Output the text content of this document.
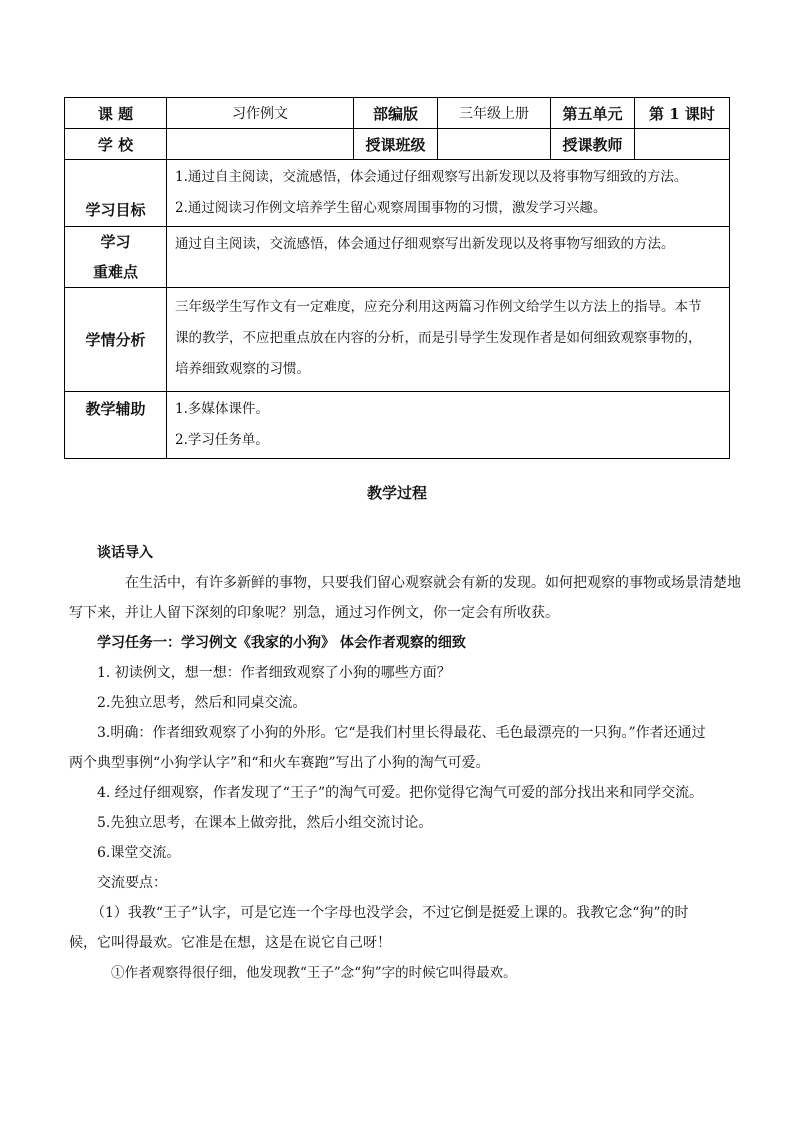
课 题	习作例文	部编版	三年级上册	第五单元	第 1 课时
学 校		授课班级		授课教师	
学习目标	1.通过自主阅读，交流感悟，体会通过仔细观察写出新发现以及将事物写细致的方法。
2.通过阅读习作例文培养学生留心观察周围事物的习惯，激发学习兴趣。				

学习
重难点	通过自主阅读，交流感悟，体会通过仔细观察写出新发现以及将事物写细致的方法。				

学情分析	三年级学生写作文有一定难度，应充分利用这两篇习作例文给学生以方法上的指导。本节
课的教学，不应把重点放在内容的分析，而是引导学生发现作者是如何细致观察事物的，
培养细致观察的习惯。				

教学辅助	1.多媒体课件。
2.学习任务单。				
教学过程

谈话导入

在生活中，有许多新鲜的事物，只要我们留心观察就会有新的发现。如何把观察的事物或场景清楚地

写下来，并让人留下深刻的印象呢？别急，通过习作例文，你一定会有所收获。

学习任务一：学习例文《我家的小狗》 体会作者观察的细致

1. 初读例文，想一想：作者细致观察了小狗的哪些方面？

2.先独立思考，然后和同桌交流。

3.明确：作者细致观察了小狗的外形。它“是我们村里长得最花、毛色最漂亮的一只狗。”作者还通过

两个典型事例“小狗学认字”和“和火车赛跑”写出了小狗的淘气可爱。

4. 经过仔细观察，作者发现了“王子”的淘气可爱。把你觉得它淘气可爱的部分找出来和同学交流。

5.先独立思考，在课本上做旁批，然后小组交流讨论。

6.课堂交流。

交流要点：

（1）我教“王子”认字，可是它连一个字母也没学会，不过它倒是挺爱上课的。我教它念“狗”的时

候，它叫得最欢。它准是在想，这是在说它自己呀！

①作者观察得很仔细，他发现教“王子”念“狗”字的时候它叫得最欢。
